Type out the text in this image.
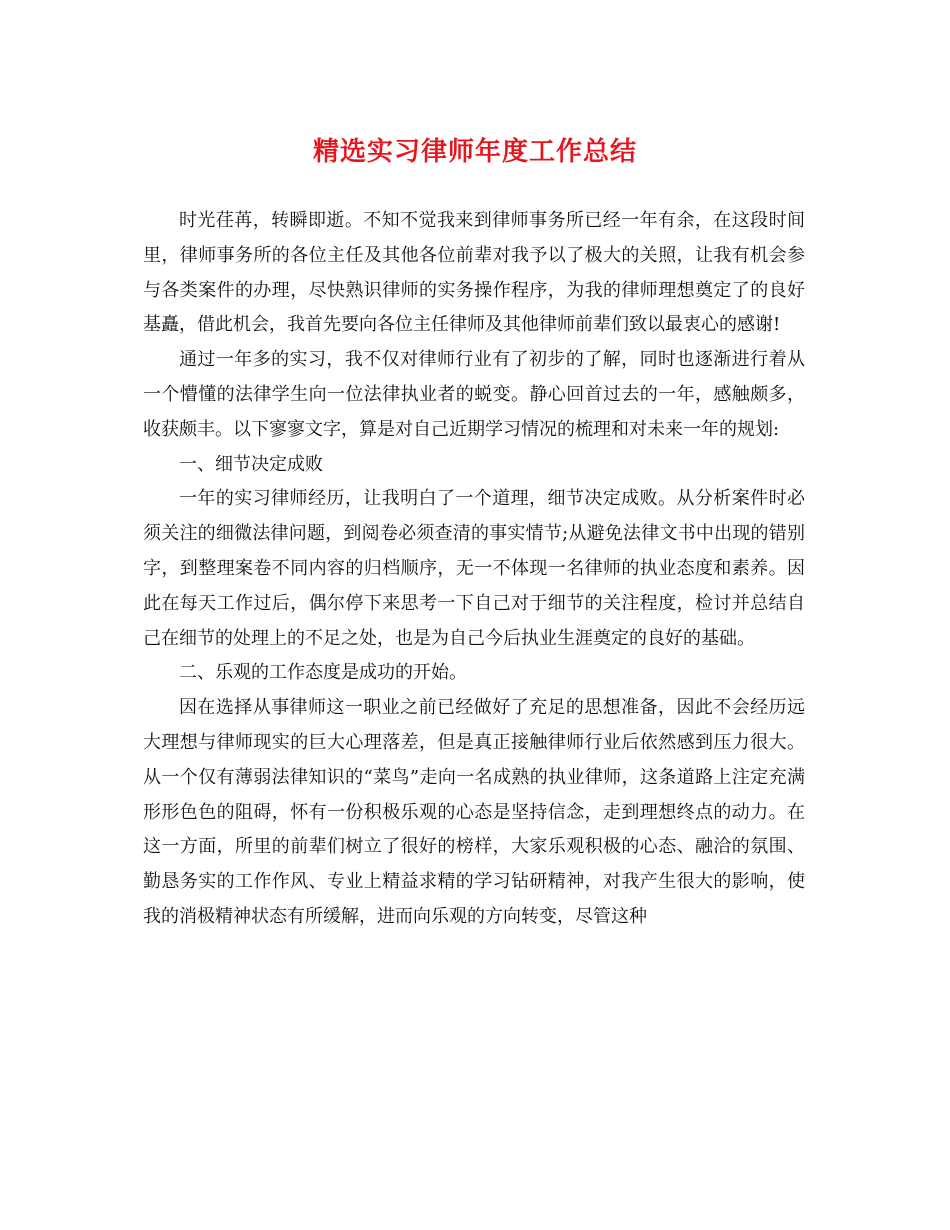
精选实习律师年度工作总结

时光荏苒，转瞬即逝。不知不觉我来到律师事务所已经一年有余，在这段时间里，律师事务所的各位主任及其他各位前辈对我予以了极大的关照，让我有机会参与各类案件的办理，尽快熟识律师的实务操作程序，为我的律师理想奠定了的良好基矗，借此机会，我首先要向各位主任律师及其他律师前辈们致以最衷心的感谢!

通过一年多的实习，我不仅对律师行业有了初步的了解，同时也逐渐进行着从一个懵懂的法律学生向一位法律执业者的蜕变。静心回首过去的一年，感触颇多，收获颇丰。以下寥寥文字，算是对自己近期学习情况的梳理和对未来一年的规划:

一、细节决定成败

一年的实习律师经历，让我明白了一个道理，细节决定成败。从分析案件时必须关注的细微法律问题，到阅卷必须查清的事实情节;从避免法律文书中出现的错别字，到整理案卷不同内容的归档顺序，无一不体现一名律师的执业态度和素养。因此在每天工作过后，偶尔停下来思考一下自己对于细节的关注程度，检讨并总结自己在细节的处理上的不足之处，也是为自己今后执业生涯奠定的良好的基础。

二、乐观的工作态度是成功的开始。

因在选择从事律师这一职业之前已经做好了充足的思想准备，因此不会经历远大理想与律师现实的巨大心理落差，但是真正接触律师行业后依然感到压力很大。从一个仅有薄弱法律知识的“菜鸟”走向一名成熟的执业律师，这条道路上注定充满形形色色的阻碍，怀有一份积极乐观的心态是坚持信念，走到理想终点的动力。在这一方面，所里的前辈们树立了很好的榜样，大家乐观积极的心态、融洽的氛围、勤恳务实的工作作风、专业上精益求精的学习钻研精神，对我产生很大的影响，使我的消极精神状态有所缓解，进而向乐观的方向转变，尽管这种
